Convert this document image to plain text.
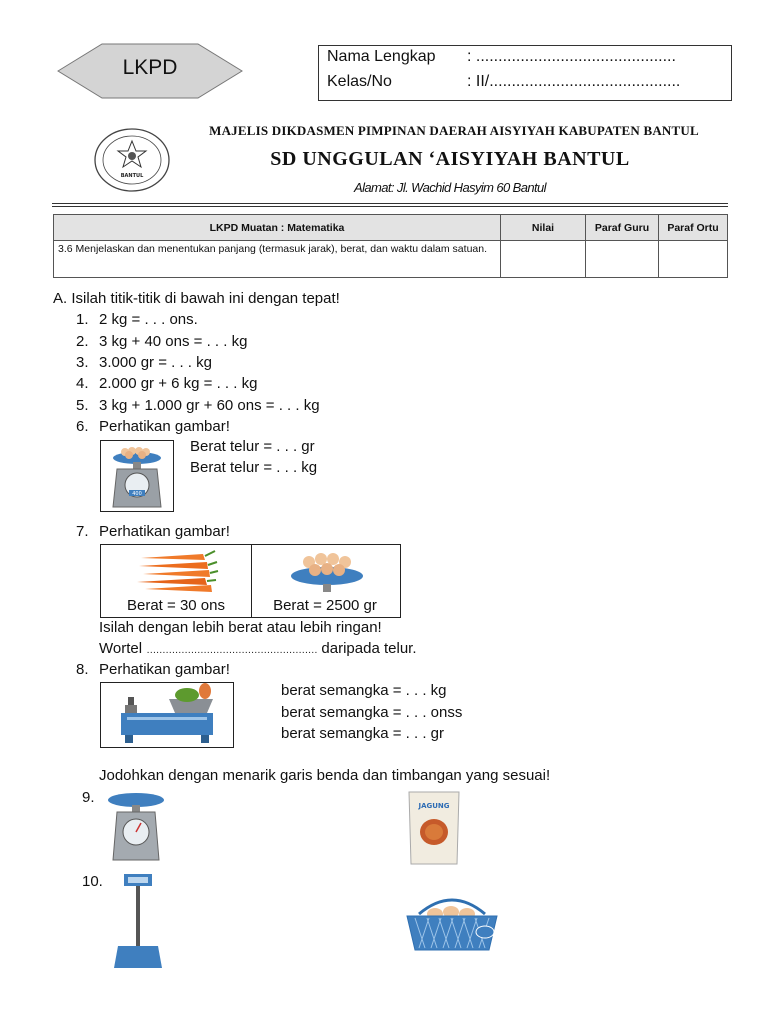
LKPD	Nama Lengkap : .............................................
Kelas/No	: II/...........................................
BANTUL
MAJELIS DIKDASMEN PIMPINAN DAERAH AISYIYAH KABUPATEN BANTUL
SD UNGGULAN ‘AISYIYAH BANTUL
Alamat: Jl. Wachid Hasyim 60 Bantul
LKPD Muatan : Matematika	Nilai	Paraf Guru	Paraf Ortu
3.6 Menjelaskan dan menentukan panjang (termasuk jarak), berat, dan waktu dalam satuan.			
A. Isilah titik-titik di bawah ini dengan tepat!
1. 2 kg = . . . ons.
2. 3 kg + 40 ons = . . . kg
3. 3.000 gr = . . . kg
4. 2.000 gr + 6 kg = . . . kg
5. 3 kg + 1.000 gr + 60 ons = . . . kg
6. Perhatikan gambar!
400
Berat telur = . . . gr
Berat telur = . . . kg
7. Perhatikan gambar!
Berat = 30 ons	Berat = 2500 gr
Isilah dengan lebih berat atau lebih ringan!
Wortel ……………………………………………… daripada telur.
8. Perhatikan gambar!
berat semangka = . . . kg
berat semangka = . . . onss
berat semangka = . . . gr
Jodohkan dengan menarik garis benda dan timbangan yang sesuai!
9.	JAGUNG
10.
